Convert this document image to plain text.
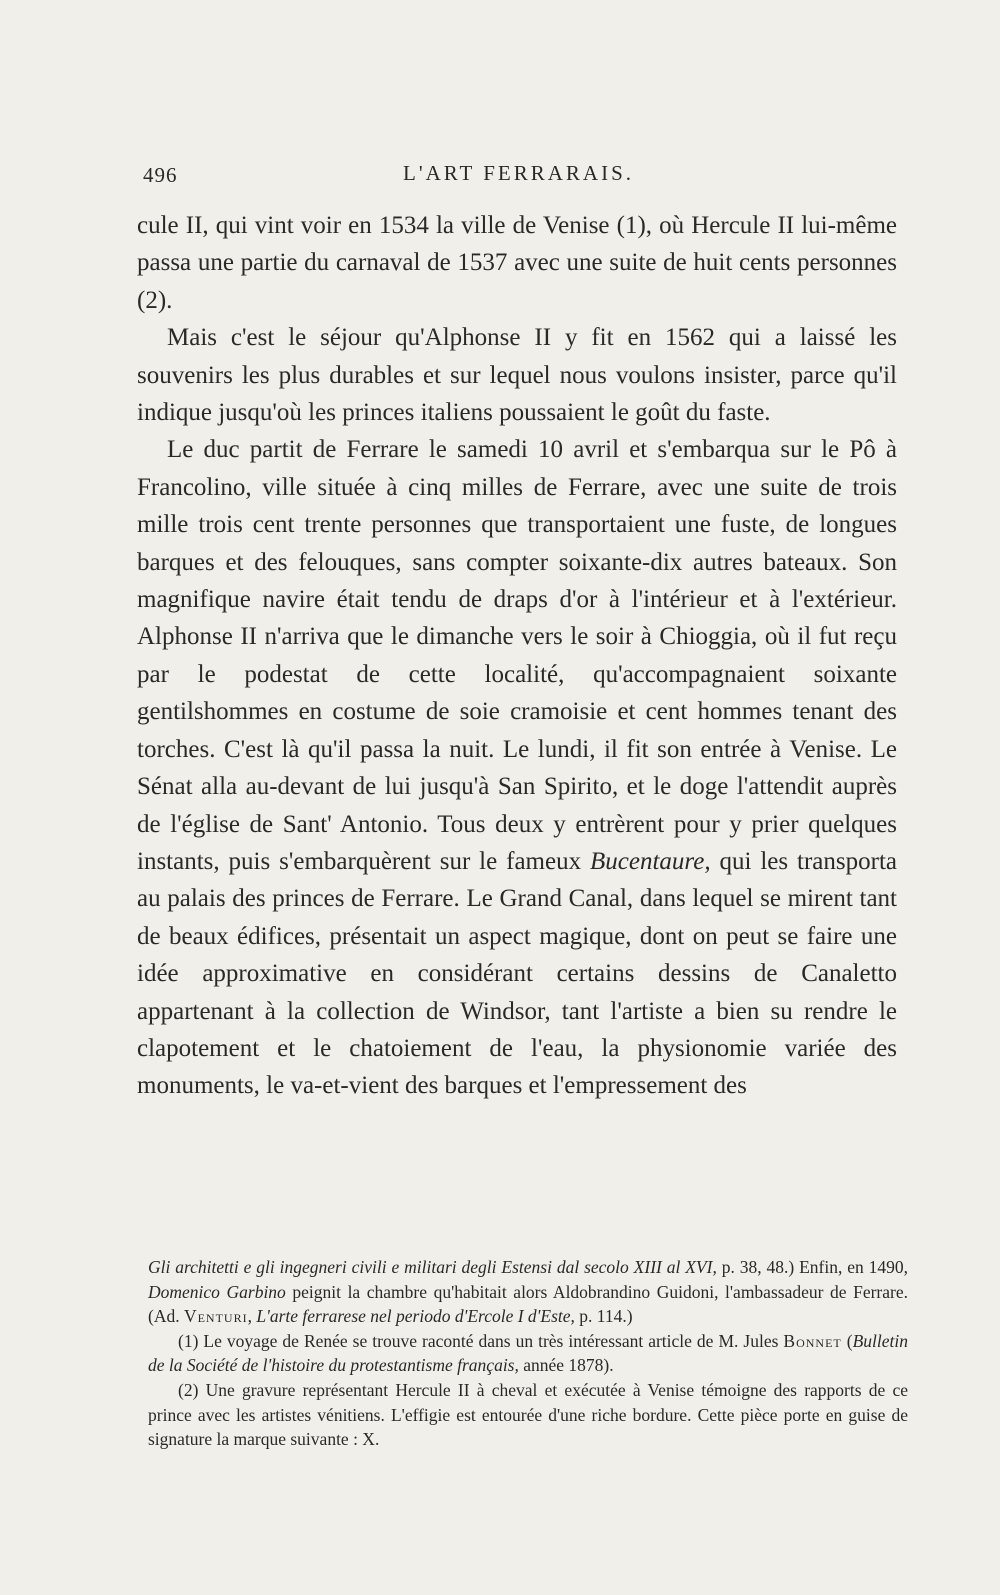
496	L'ART FERRARAIS.

cule II, qui vint voir en 1534 la ville de Venise (1), où Hercule II lui-même passa une partie du carnaval de 1537 avec une suite de huit cents personnes (2).

Mais c'est le séjour qu'Alphonse II y fit en 1562 qui a laissé les souvenirs les plus durables et sur lequel nous voulons insister, parce qu'il indique jusqu'où les princes italiens poussaient le goût du faste.

Le duc partit de Ferrare le samedi 10 avril et s'embarqua sur le Pô à Francolino, ville située à cinq milles de Ferrare, avec une suite de trois mille trois cent trente personnes que transportaient une fuste, de longues barques et des felouques, sans compter soixante-dix autres bateaux. Son magnifique navire était tendu de draps d'or à l'intérieur et à l'extérieur. Alphonse II n'arriva que le dimanche vers le soir à Chioggia, où il fut reçu par le podestat de cette localité, qu'accompagnaient soixante gentilshommes en costume de soie cramoisie et cent hommes tenant des torches. C'est là qu'il passa la nuit. Le lundi, il fit son entrée à Venise. Le Sénat alla au-devant de lui jusqu'à San Spirito, et le doge l'attendit auprès de l'église de Sant' Antonio. Tous deux y entrèrent pour y prier quelques instants, puis s'embarquèrent sur le fameux Bucentaure, qui les transporta au palais des princes de Ferrare. Le Grand Canal, dans lequel se mirent tant de beaux édifices, présentait un aspect magique, dont on peut se faire une idée approximative en considérant certains dessins de Canaletto appartenant à la collection de Windsor, tant l'artiste a bien su rendre le clapotement et le chatoiement de l'eau, la physionomie variée des monuments, le va-et-vient des barques et l'empressement des

Gli architetti e gli ingegneri civili e militari degli Estensi dal secolo XIII al XVI, p. 38, 48.) Enfin, en 1490, Domenico Garbino peignit la chambre qu'habitait alors Aldobrandino Guidoni, l'ambassadeur de Ferrare. (Ad. Venturi, L'arte ferrarese nel periodo d'Ercole I d'Este, p. 114.)

(1) Le voyage de Renée se trouve raconté dans un très intéressant article de M. Jules Bonnet (Bulletin de la Société de l'histoire du protestantisme français, année 1878).

(2) Une gravure représentant Hercule II à cheval et exécutée à Venise témoigne des rapports de ce prince avec les artistes vénitiens. L'effigie est entourée d'une riche bordure. Cette pièce porte en guise de signature la marque suivante : X.
